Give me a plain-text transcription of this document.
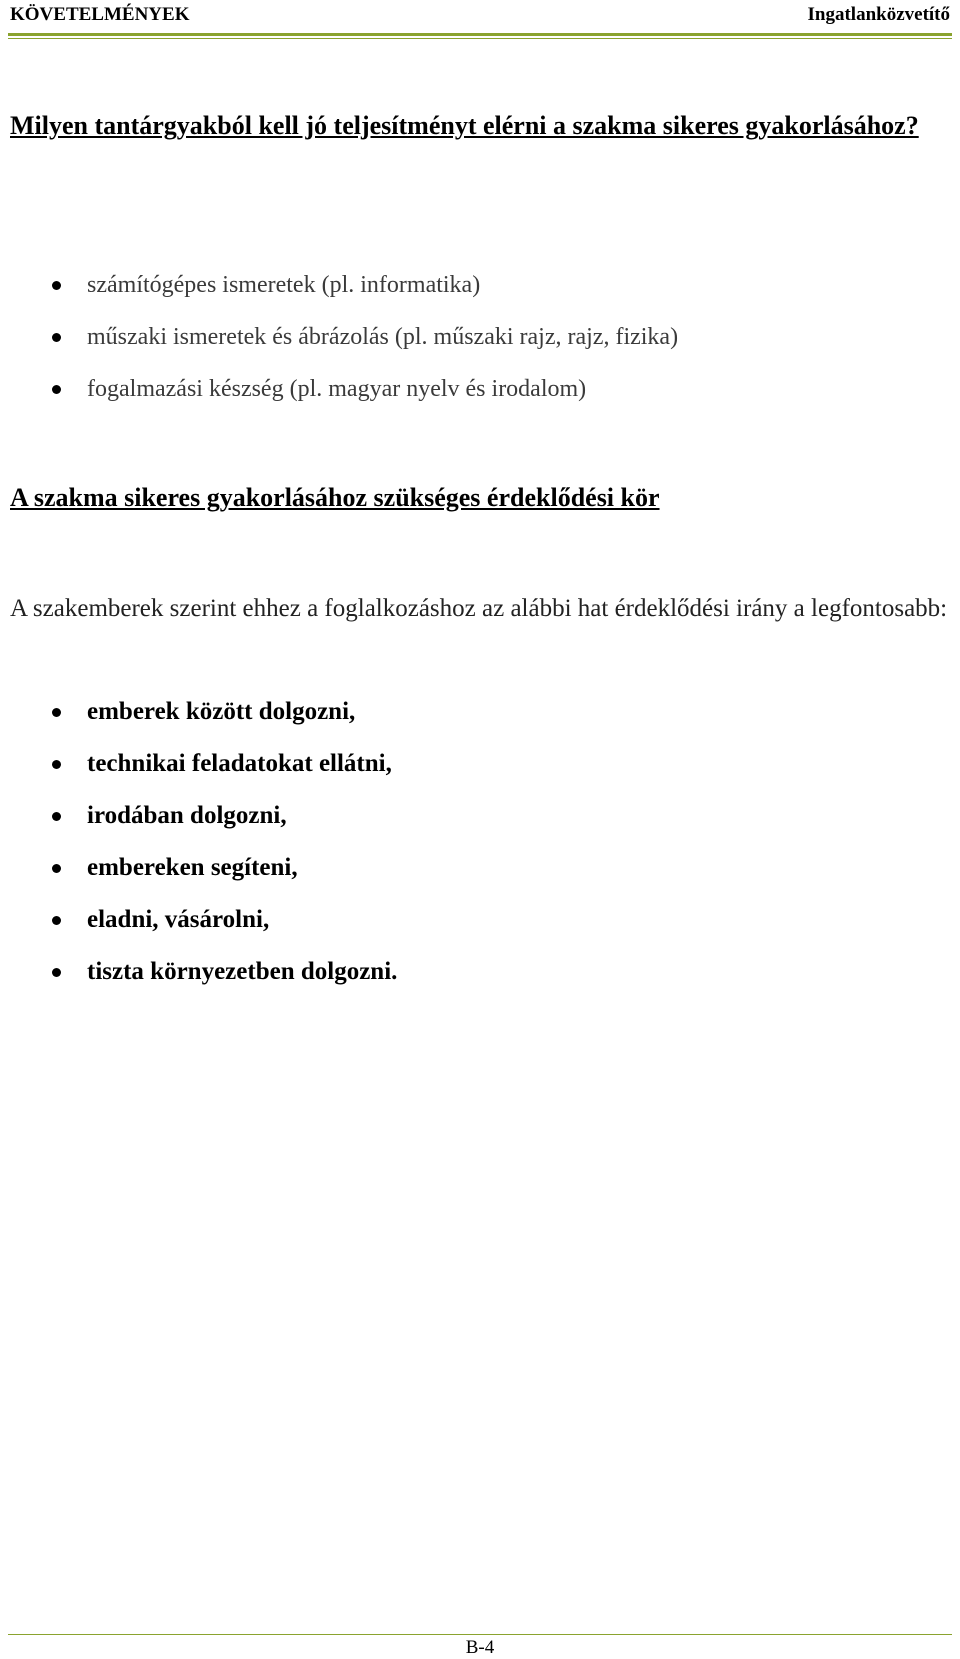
KÖVETELMÉNYEK	Ingatlanközvetítő
Milyen tantárgyakból kell jó teljesítményt elérni a szakma sikeres gyakorlásához?
számítógépes ismeretek (pl. informatika)
műszaki ismeretek és ábrázolás (pl. műszaki rajz, rajz, fizika)
fogalmazási készség (pl. magyar nyelv és irodalom)
A szakma sikeres gyakorlásához szükséges érdeklődési kör
A szakemberek szerint ehhez a foglalkozáshoz az alábbi hat érdeklődési irány a legfontosabb:
emberek között dolgozni,
technikai feladatokat ellátni,
irodában dolgozni,
embereken segíteni,
eladni, vásárolni,
tiszta környezetben dolgozni.
B-4
